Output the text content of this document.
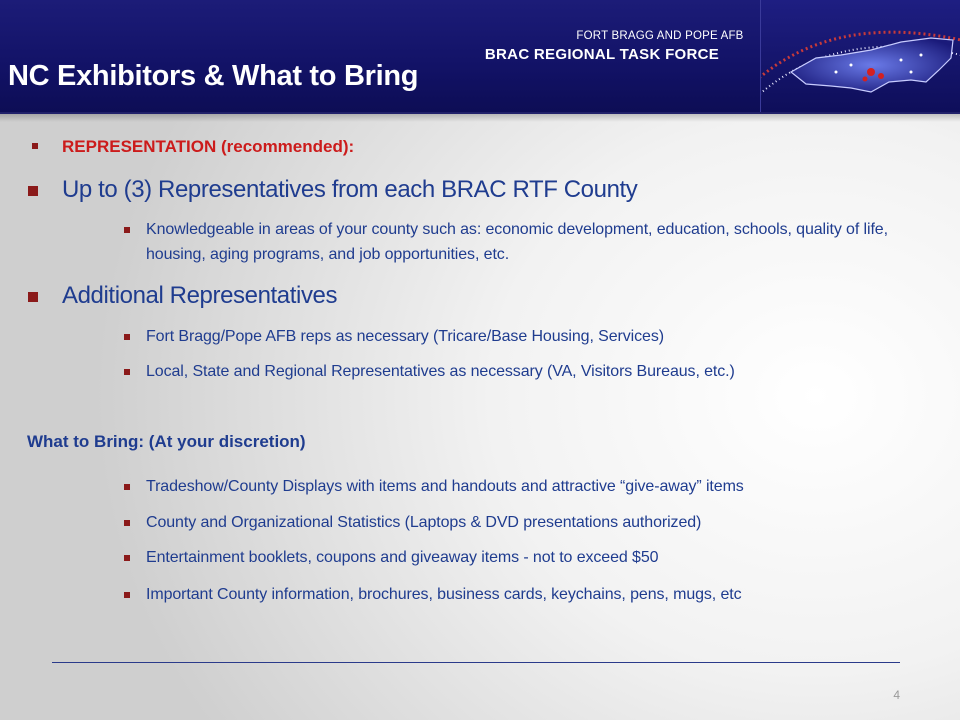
FORT BRAGG AND POPE AFB
BRAC REGIONAL TASK FORCE
NC Exhibitors & What to Bring
REPRESENTATION (recommended):
Up to (3) Representatives from each BRAC RTF County
Knowledgeable in areas of your county such as: economic development, education, schools, quality of life, housing, aging programs, and job opportunities, etc.
Additional Representatives
Fort Bragg/Pope AFB reps as necessary (Tricare/Base Housing, Services)
Local, State and Regional Representatives as necessary (VA, Visitors Bureaus, etc.)
What to Bring: (At your discretion)
Tradeshow/County Displays with items and handouts and attractive “give-away” items
County and Organizational Statistics (Laptops & DVD presentations authorized)
Entertainment booklets, coupons and giveaway items - not to exceed $50
Important County information, brochures, business cards, keychains, pens, mugs, etc
4
